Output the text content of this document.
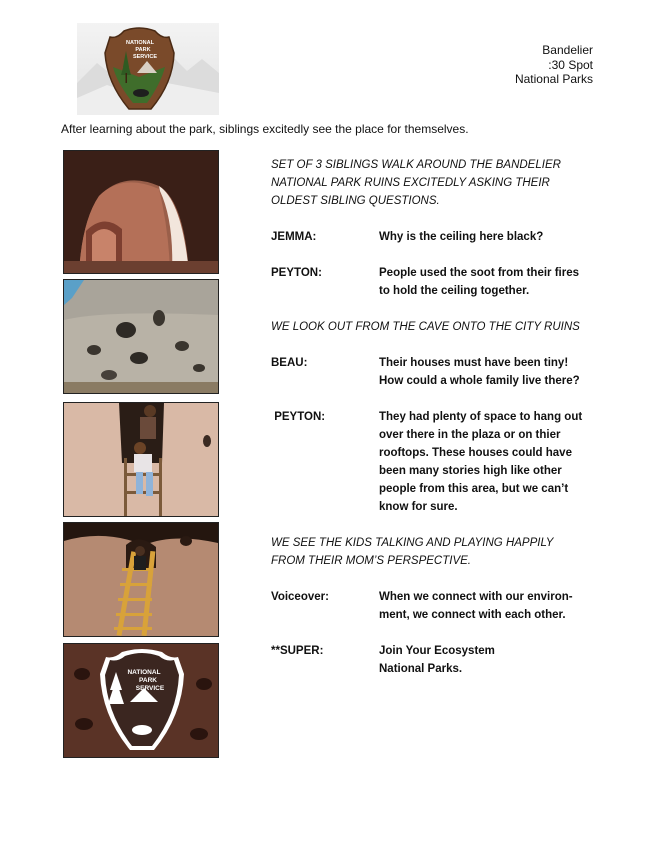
NATIONAL
PARK
SERVICE	Bandelier
:30 Spot
National Parks
After learning about the park, siblings excitedly see the place for themselves.
NATIONAL
PARK
SERVICE
SET OF 3 SIBLINGS WALK AROUND THE BANDELIER
NATIONAL PARK RUINS EXCITEDLY ASKING THEIR
OLDEST SIBLING QUESTIONS.
JEMMA:	Why is the ceiling here black?
PEYTON:	People used the soot from their fires
to hold the ceiling together.
WE LOOK OUT FROM THE CAVE ONTO THE CITY RUINS
BEAU:	Their houses must have been tiny!
How could a whole family live there?
PEYTON:	They had plenty of space to hang out
over there in the plaza or on thier
rooftops. These houses could have
been many stories high like other
people from this area, but we can’t
know for sure.
WE SEE THE KIDS TALKING AND PLAYING HAPPILY
FROM THEIR MOM’S PERSPECTIVE.
Voiceover:	When we connect with our environ-
ment, we connect with each other.
**SUPER:	Join Your Ecosystem
National Parks.
